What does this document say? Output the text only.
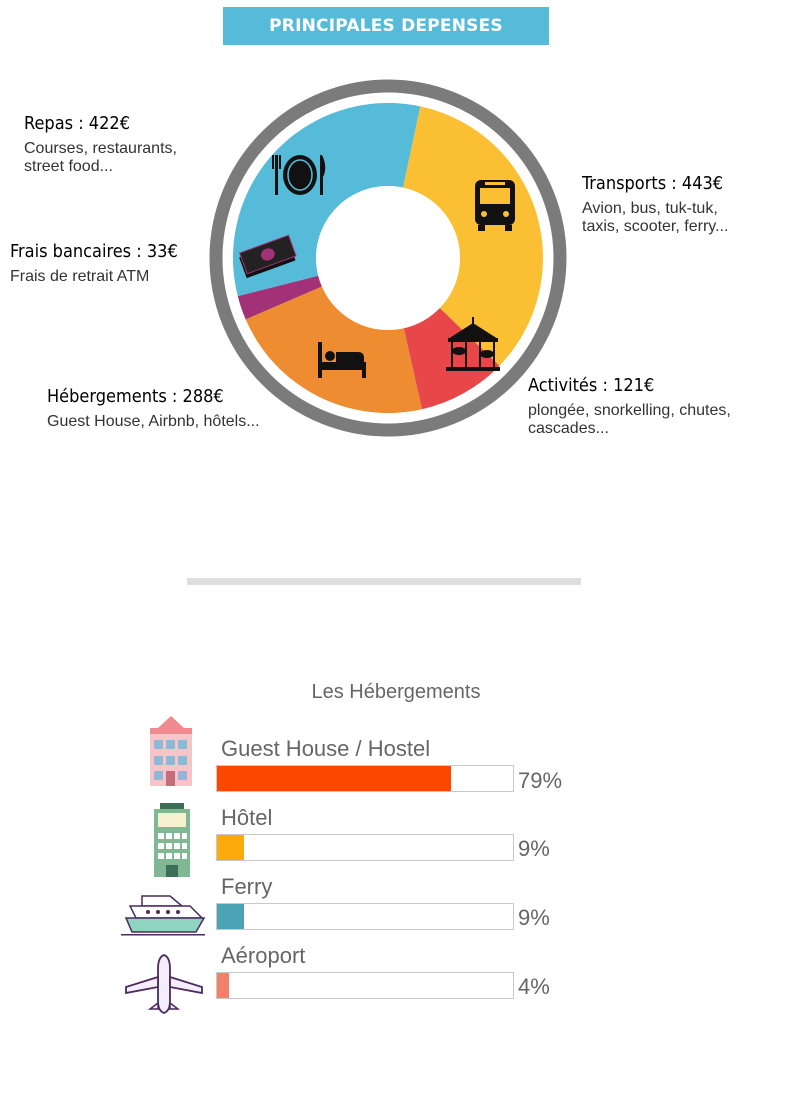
PRINCIPALES DEPENSES
Repas : 422€
Courses, restaurants,
street food...
Frais bancaires : 33€
Frais de retrait ATM
Hébergements : 288€
Guest House, Airbnb, hôtels...
Transports : 443€
Avion, bus, tuk-tuk,
taxis, scooter, ferry...
Activités : 121€
plongée, snorkelling, chutes,
cascades...
Les Hébergements
Guest House / Hostel
79%
Hôtel
9%
Ferry
9%
Aéroport
4%
